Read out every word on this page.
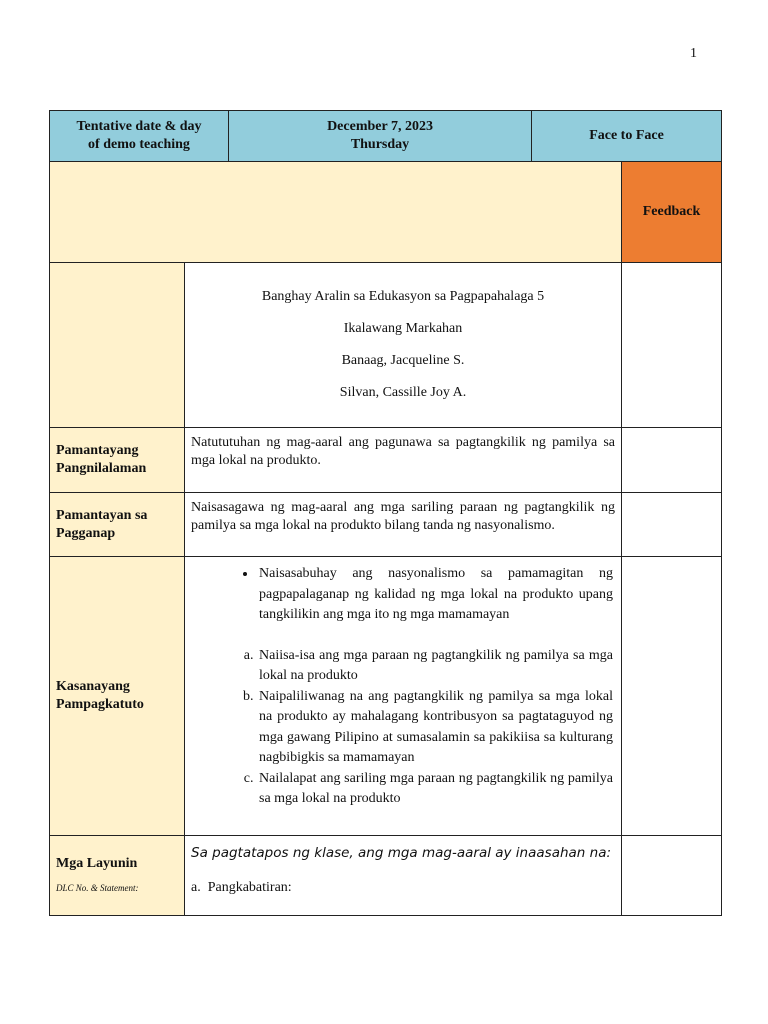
1
Tentative date & day
of demo teaching
December 7, 2023
Thursday
Face to Face
Feedback

Banghay Aralin sa Edukasyon sa Pagpapahalaga 5

Ikalawang Markahan

Banaag, Jacqueline S.

Silvan, Cassille Joy A.

Pamantayang
Pangnilalaman
Natututuhan ng mag-aaral ang pagunawa sa pagtangkilik ng pamilya sa mga lokal na produkto.
Pamantayan sa
Pagganap
Naisasagawa ng mag-aaral ang mga sariling paraan ng pagtangkilik ng pamilya sa mga lokal na produkto bilang tanda ng nasyonalismo.
Kasanayang
Pampagkatuto
• Naisasabuhay ang nasyonalismo sa pamamagitan ng pagpapalaganap ng kalidad ng mga lokal na produkto upang tangkilikin ang mga ito ng mga mamamayan
a. Naiisa-isa ang mga paraan ng pagtangkilik ng pamilya sa mga lokal na produkto
b. Naipaliliwanag na ang pagtangkilik ng pamilya sa mga lokal na produkto ay mahalagang kontribusyon sa pagtataguyod ng mga gawang Pilipino at sumasalamin sa pakikiisa sa kulturang nagbibigkis sa mamamayan
c. Nailalapat ang sariling mga paraan ng pagtangkilik ng pamilya sa mga lokal na produkto
Mga Layunin
DLC No. & Statement:
Sa pagtatapos ng klase, ang mga mag-aaral ay inaasahan na:
a. Pangkabatiran:
